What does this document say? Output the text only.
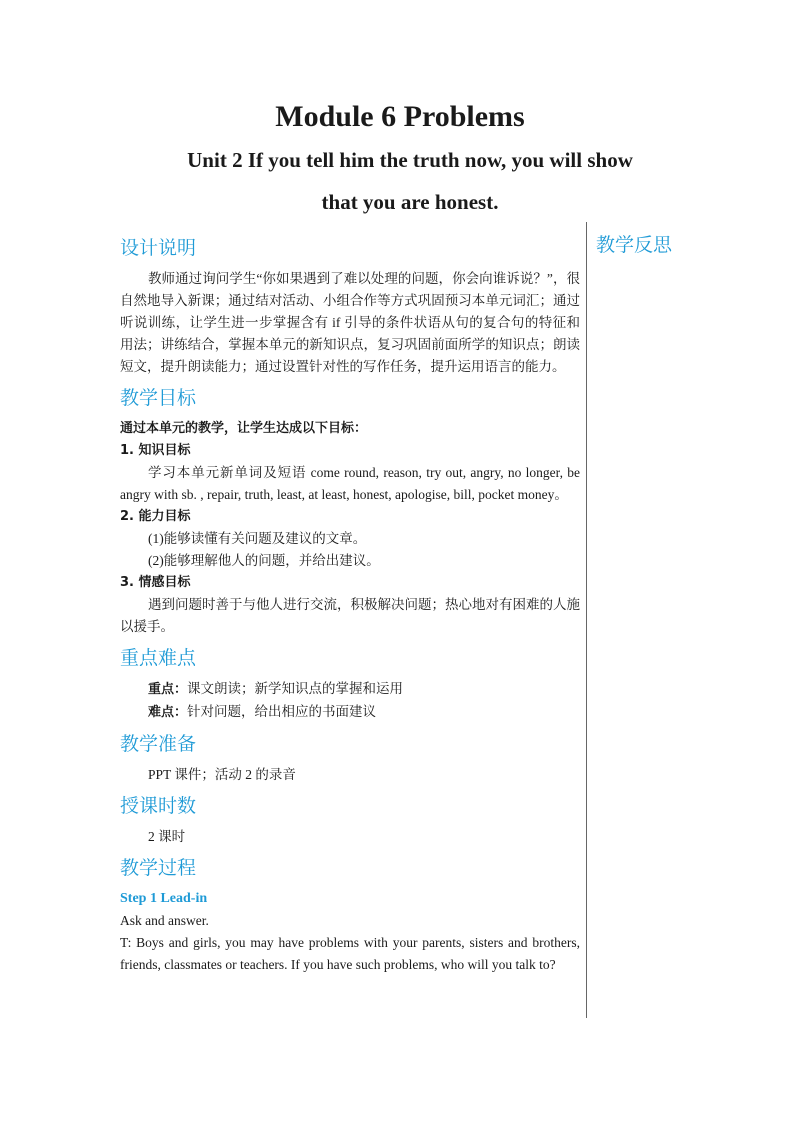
Module 6 Problems
Unit 2 If you tell him the truth now, you will show
that you are honest.
教学反思
设计说明

教师通过询问学生“你如果遇到了难以处理的问题，你会向谁诉说？”，很自然地导入新课；通过结对活动、小组合作等方式巩固预习本单元词汇；通过听说训练，让学生进一步掌握含有 if 引导的条件状语从句的复合句的特征和用法；讲练结合，掌握本单元的新知识点，复习巩固前面所学的知识点；朗读短文，提升朗读能力；通过设置针对性的写作任务，提升运用语言的能力。

教学目标

通过本单元的教学，让学生达成以下目标：

1. 知识目标

学习本单元新单词及短语 come round, reason, try out, angry, no longer, be angry with sb. , repair, truth, least, at least, honest, apologise, bill, pocket money。

2. 能力目标

(1)能够读懂有关问题及建议的文章。

(2)能够理解他人的问题，并给出建议。

3. 情感目标

遇到问题时善于与他人进行交流，积极解决问题；热心地对有困难的人施以援手。

重点难点

重点：课文朗读；新学知识点的掌握和运用

难点：针对问题，给出相应的书面建议

教学准备

PPT 课件；活动 2 的录音

授课时数

2 课时

教学过程

Step 1 Lead-in

Ask and answer.

T: Boys and girls, you may have problems with your parents, sisters and brothers, friends, classmates or teachers. If you have such problems, who will you talk to?
